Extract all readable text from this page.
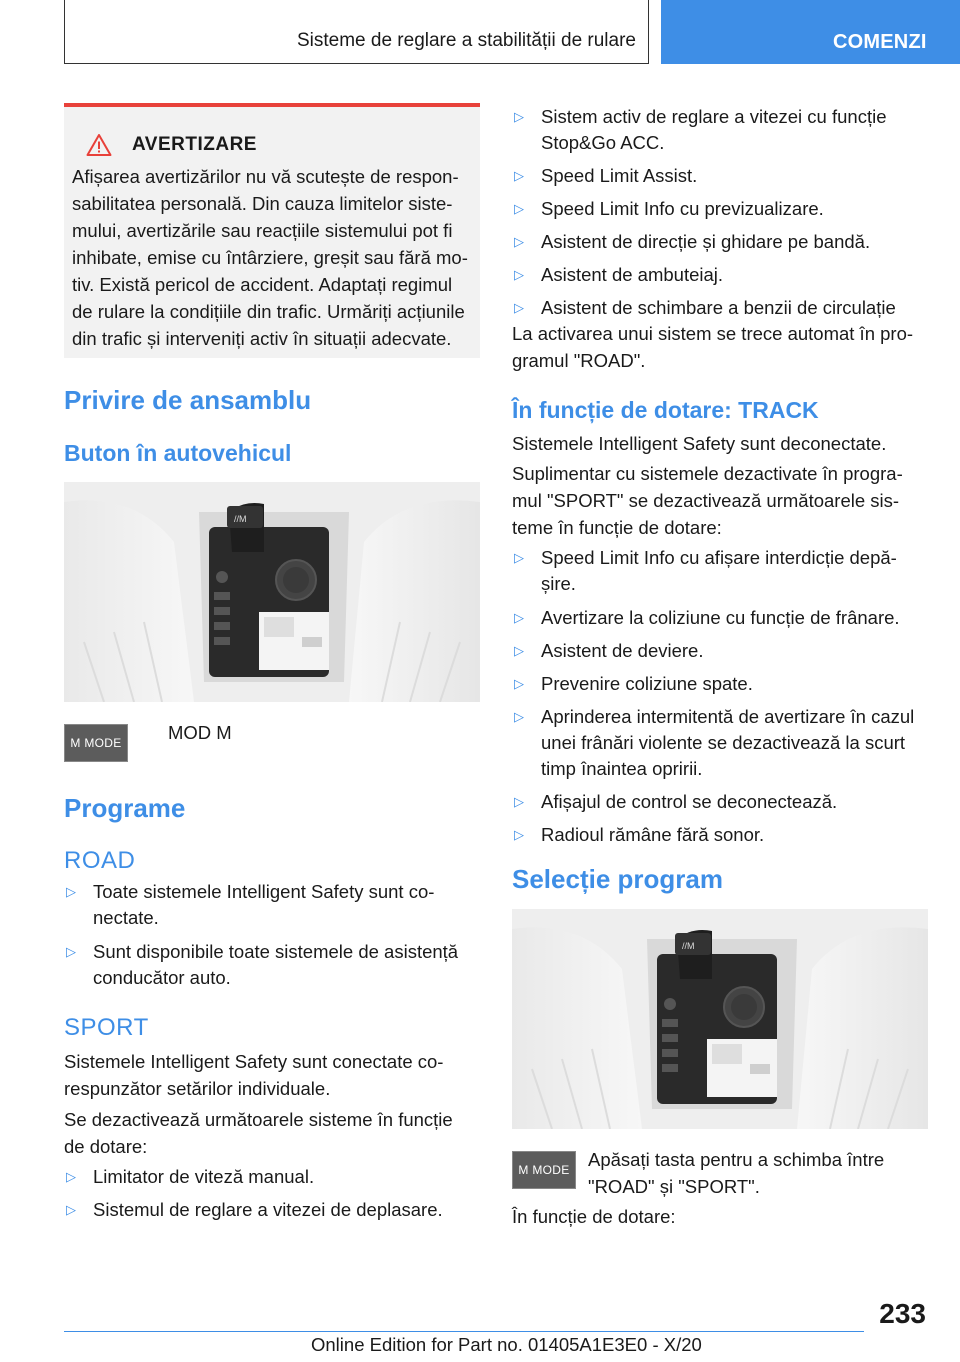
Sisteme de reglare a stabilității de rulare	COMENZI
AVERTIZARE
Afișarea avertizărilor nu vă scutește de respon-
sabilitatea personală. Din cauza limitelor siste-
mului, avertizările sau reacțiile sistemului pot fi
inhibate, emise cu întârziere, greșit sau fără mo-
tiv. Există pericol de accident. Adaptați regimul
de rulare la condițiile din trafic. Urmăriți acțiunile
din trafic și interveniți activ în situații adecvate.
Privire de ansamblu
Buton în autovehicul
//M
M MODE	MOD M
Programe
ROAD
▷ Toate sistemele Intelligent Safety sunt co-
nectate.
▷ Sunt disponibile toate sistemele de asistență
conducător auto.
SPORT
Sistemele Intelligent Safety sunt conectate co-
respunzător setărilor individuale.
Se dezactivează următoarele sisteme în funcție
de dotare:
▷ Limitator de viteză manual.
▷ Sistemul de reglare a vitezei de deplasare.
▷ Sistem activ de reglare a vitezei cu funcție
Stop&Go ACC.
▷ Speed Limit Assist.
▷ Speed Limit Info cu previzualizare.
▷ Asistent de direcție și ghidare pe bandă.
▷ Asistent de ambuteiaj.
▷ Asistent de schimbare a benzii de circulație
La activarea unui sistem se trece automat în pro-
gramul "ROAD".
În funcție de dotare: TRACK
Sistemele Intelligent Safety sunt deconectate.
Suplimentar cu sistemele dezactivate în progra-
mul "SPORT" se dezactivează următoarele sis-
teme în funcție de dotare:
▷ Speed Limit Info cu afișare interdicție depă-
șire.
▷ Avertizare la coliziune cu funcție de frânare.
▷ Asistent de deviere.
▷ Prevenire coliziune spate.
▷ Aprinderea intermitentă de avertizare în cazul
unei frânări violente se dezactivează la scurt
timp înaintea opririi.
▷ Afișajul de control se deconectează.
▷ Radioul rămâne fără sonor.
Selecție program
//M
M MODE Apăsați tasta pentru a schimba între
"ROAD" și "SPORT".
În funcție de dotare:
233
Online Edition for Part no. 01405A1E3E0 - X/20
